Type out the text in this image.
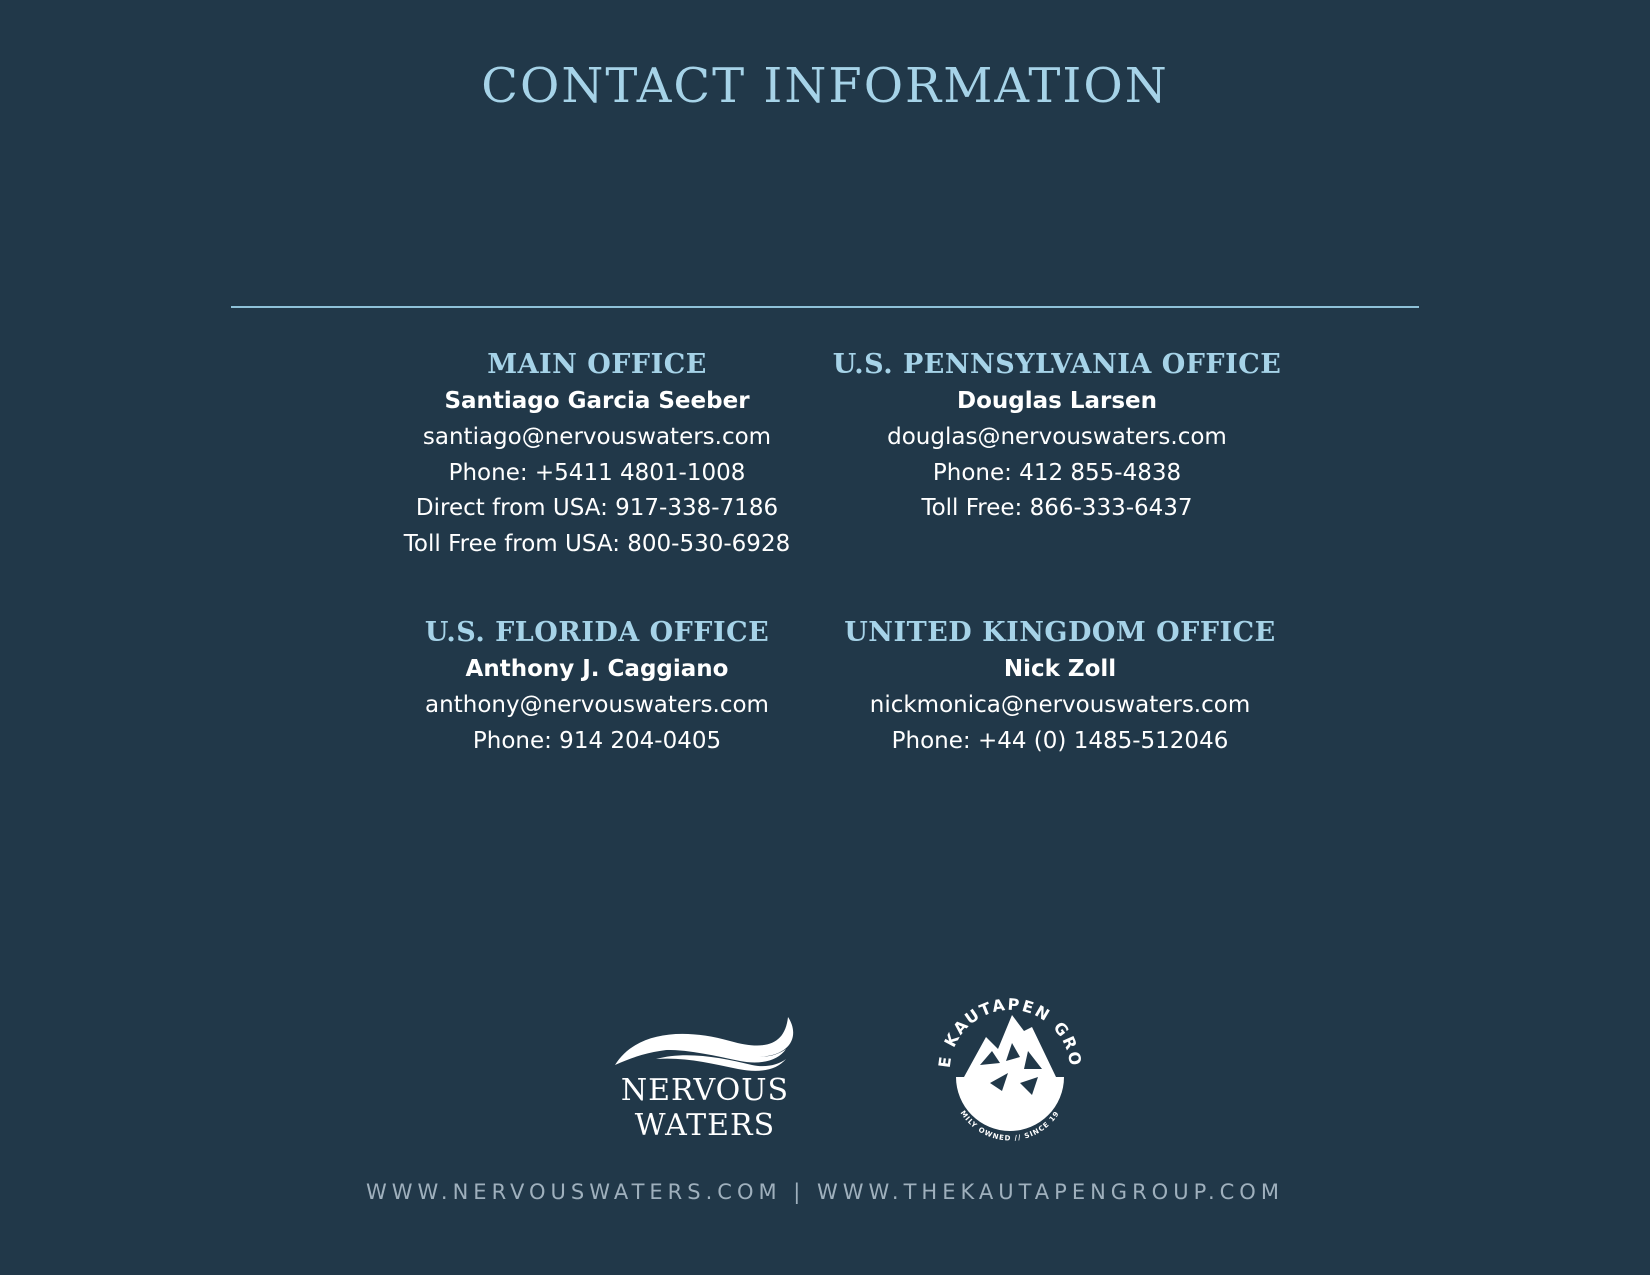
CONTACT INFORMATION
MAIN OFFICE

Santiago Garcia Seeber

santiago@nervouswaters.com

Phone: +5411 4801-1008

Direct from USA: 917-338-7186

Toll Free from USA: 800-530-6928

U.S. PENNSYLVANIA OFFICE

Douglas Larsen

douglas@nervouswaters.com

Phone: 412 855-4838

Toll Free: 866-333-6437

U.S. FLORIDA OFFICE

Anthony J. Caggiano

anthony@nervouswaters.com

Phone: 914 204-0405

UNITED KINGDOM OFFICE

Nick Zoll

nickmonica@nervouswaters.com

Phone: +44 (0) 1485-512046

NERVOUS WATERS
E KAUTAPEN GRO
MILY OWNED // SINCE 19
WWW.NERVOUSWATERS.COM | WWW.THEKAUTAPENGROUP.COM
